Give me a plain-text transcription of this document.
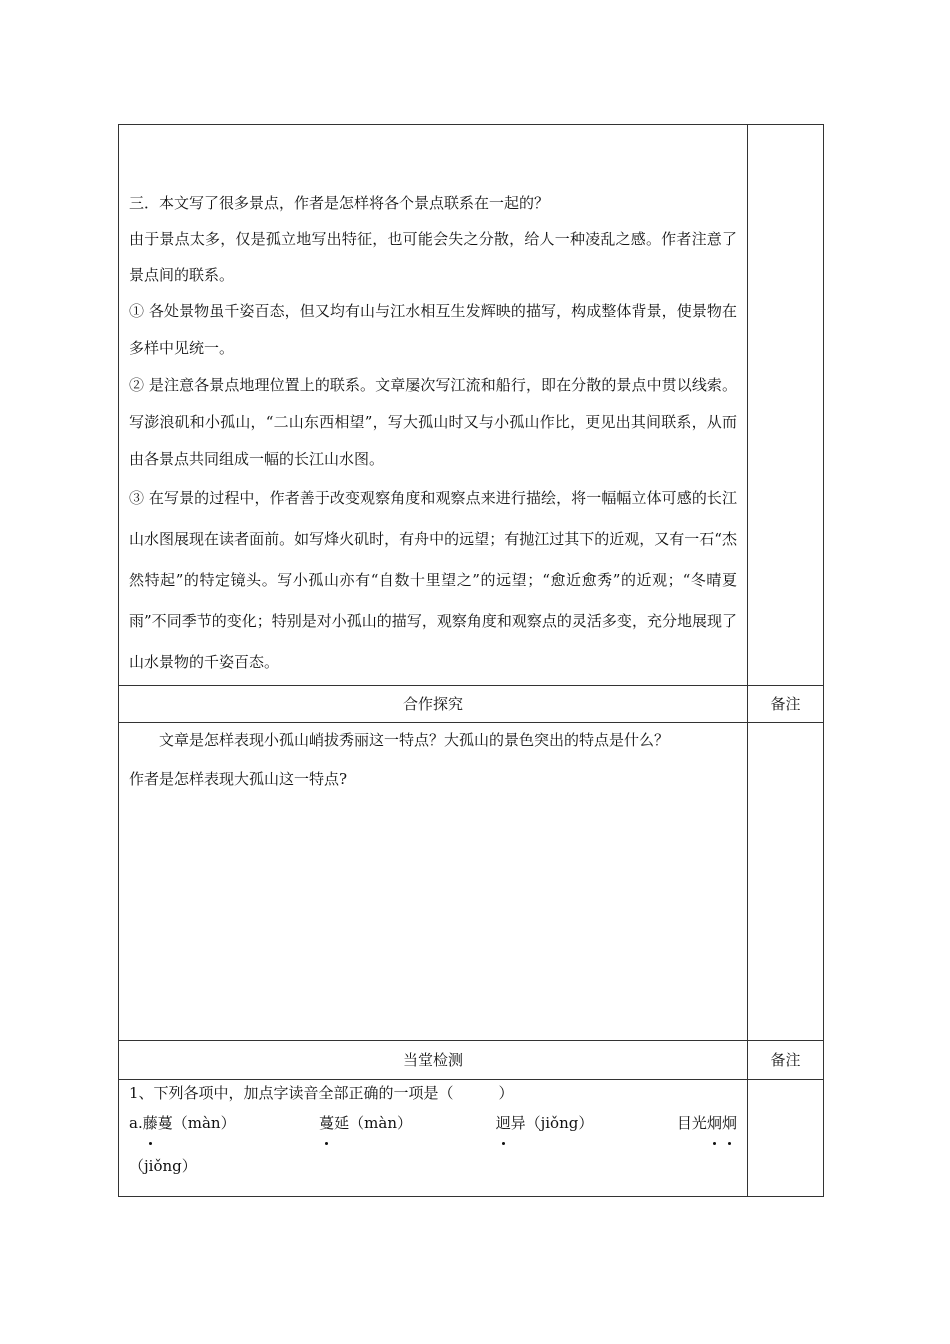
三．本文写了很多景点，作者是怎样将各个景点联系在一起的？

由于景点太多，仅是孤立地写出特征，也可能会失之分散，给人一种凌乱之感。作者注意了景点间的联系。

① 各处景物虽千姿百态，但又均有山与江水相互生发辉映的描写，构成整体背景，使景物在多样中见统一。

② 是注意各景点地理位置上的联系。文章屡次写江流和船行，即在分散的景点中贯以线索。写澎浪矶和小孤山，“二山东西相望”，写大孤山时又与小孤山作比，更见出其间联系，从而由各景点共同组成一幅的长江山水图。

③ 在写景的过程中，作者善于改变观察角度和观察点来进行描绘，将一幅幅立体可感的长江山水图展现在读者面前。如写烽火矶时，有舟中的远望；有抛江过其下的近观，又有一石“杰然特起”的特定镜头。写小孤山亦有“自数十里望之”的远望；“愈近愈秀”的近观；“冬晴夏雨”不同季节的变化；特别是对小孤山的描写，观察角度和观察点的灵活多变，充分地展现了山水景物的千姿百态。

合作探究	备注

文章是怎样表现小孤山峭拔秀丽这一特点？大孤山的景色突出的特点是什么？

作者是怎样表现大孤山这一特点?

当堂检测	备注

1、下列各项中，加点字读音全部正确的一项是（　　　）

a.藤蔓（màn）	蔓延（màn）	迥异（jiǒng）	目光炯炯

（jiǒng）
